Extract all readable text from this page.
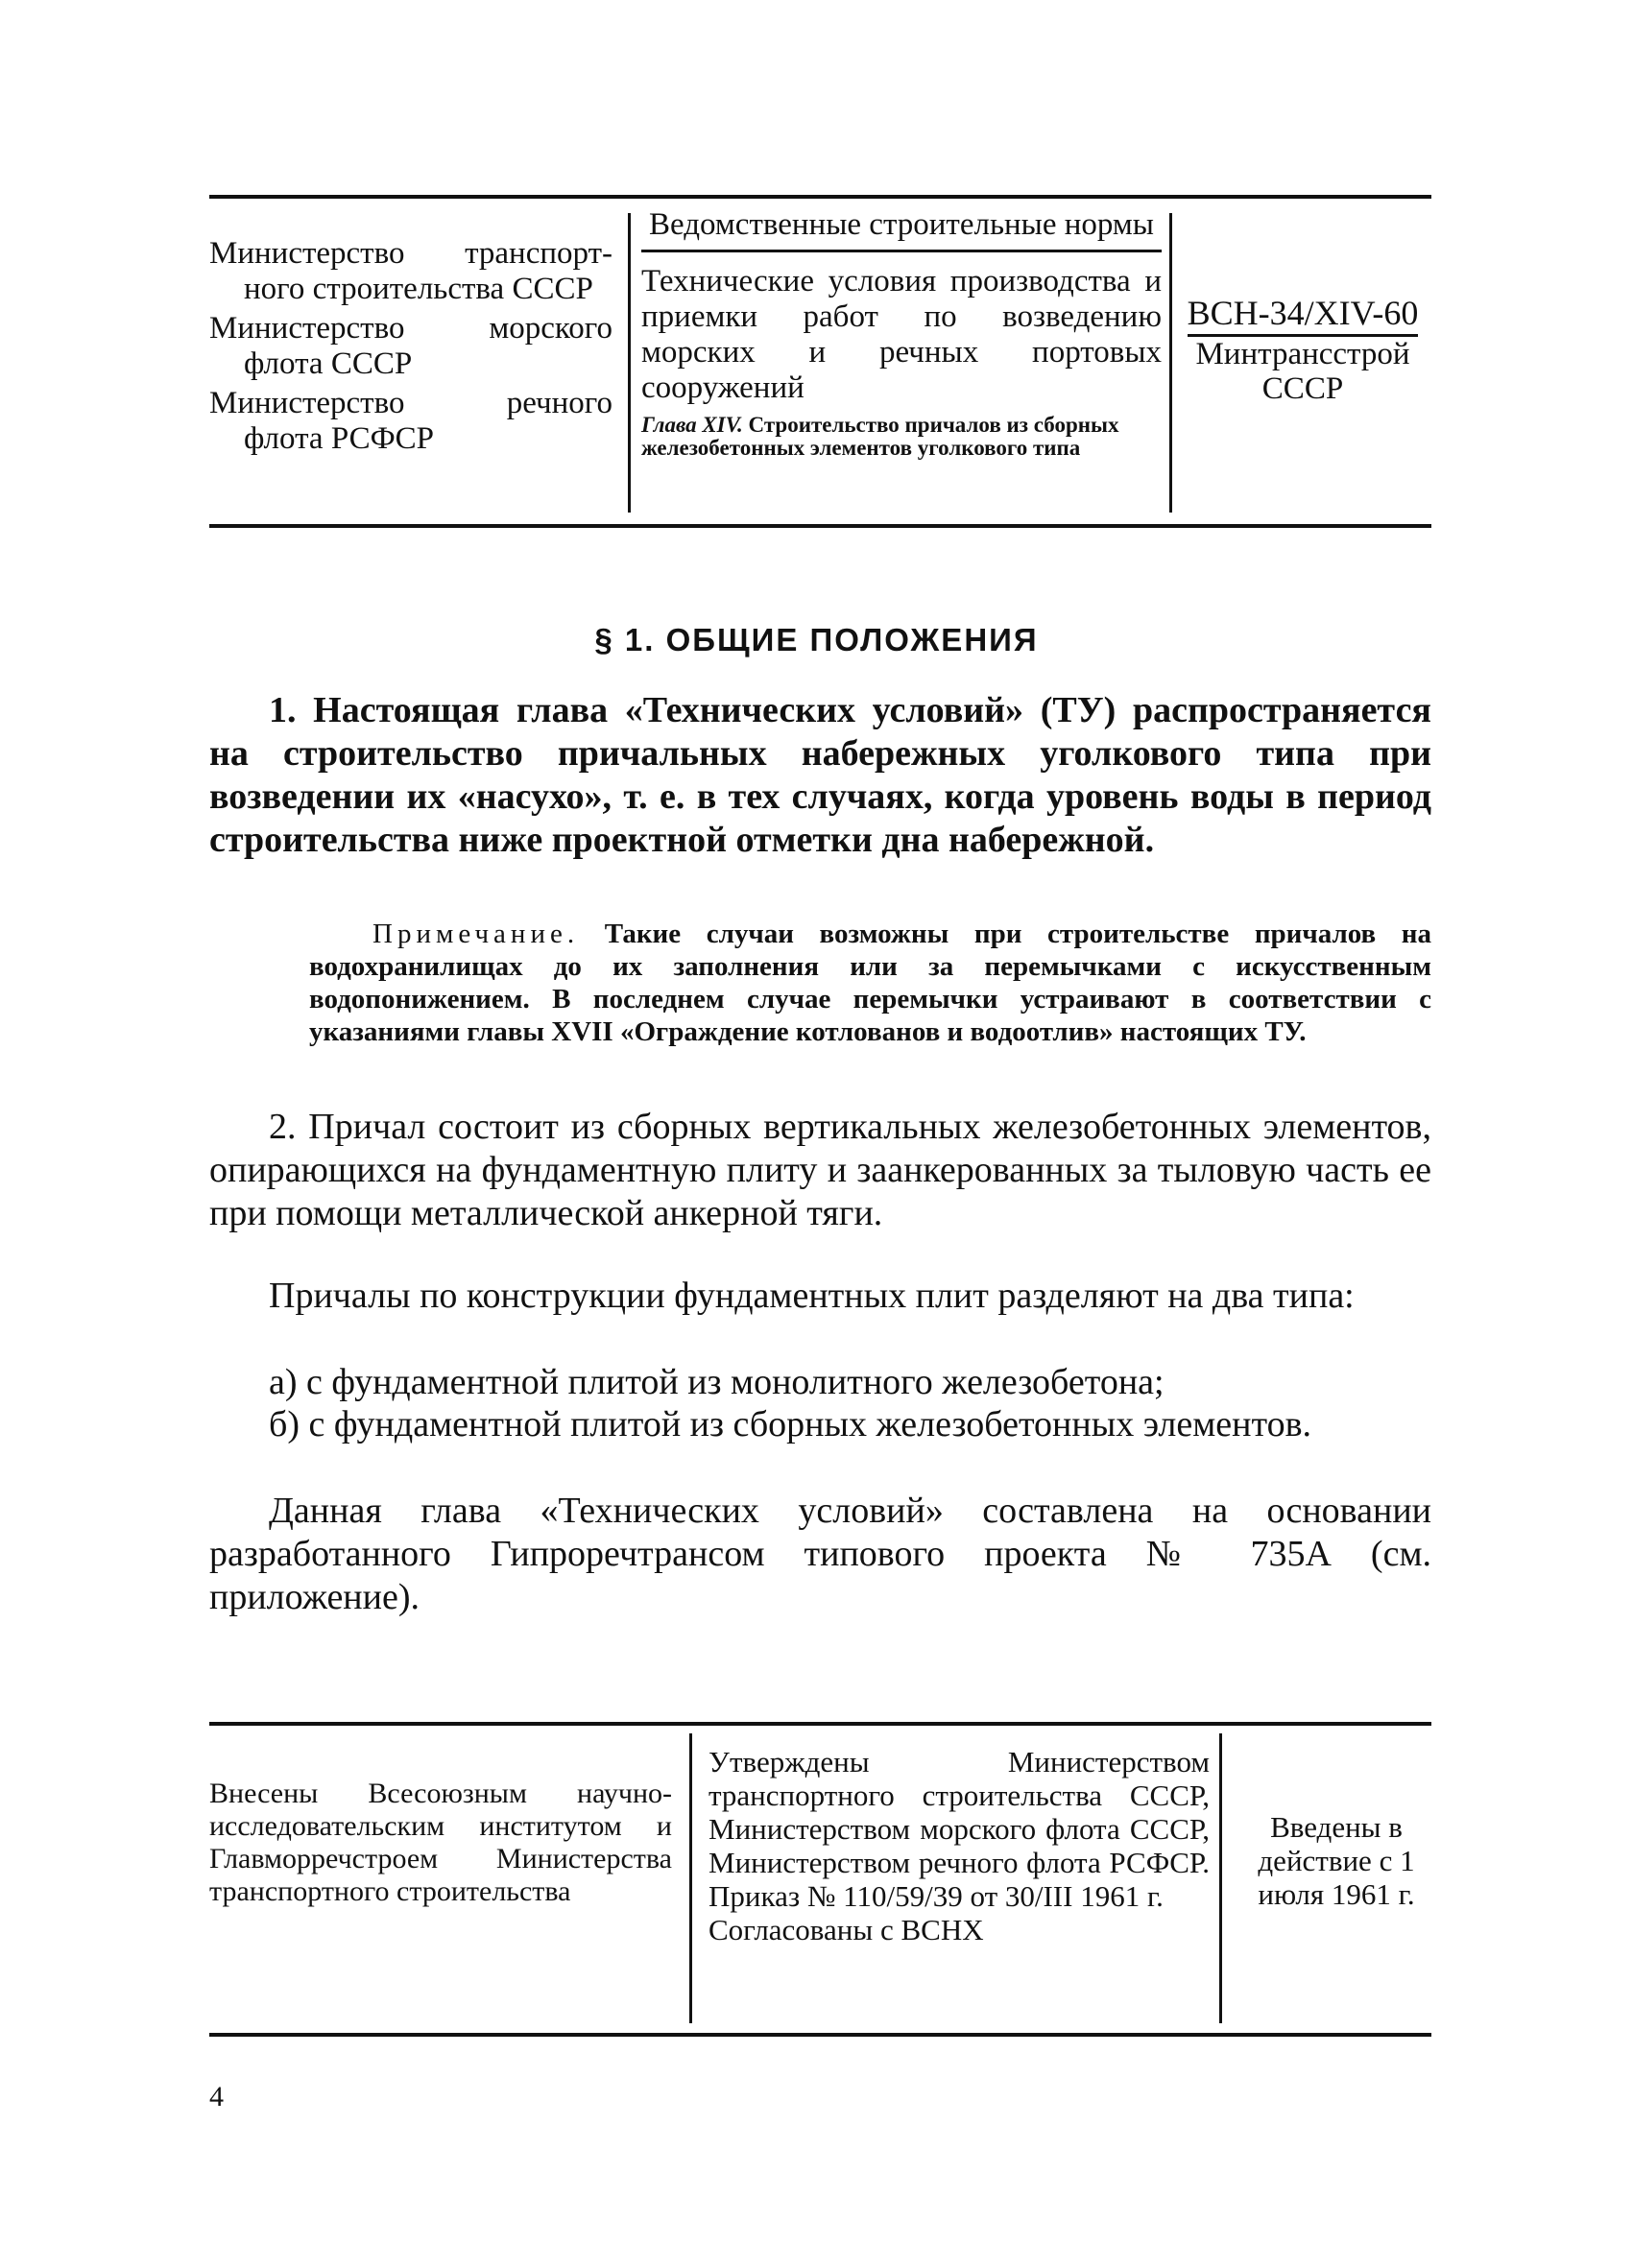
Министерство транспорт-
ного строительства СССР
Министерство морского
флота СССР
Министерство речного
флота РСФСР
Ведомственные строительные нормы
Технические условия производства и приемки работ по возведению морских и речных портовых сооружений
Глава XIV. Строительство причалов из сборных железобетонных элементов уголкового типа
ВСН-34/XIV-60
Минтрансстрой СССР
§ 1. ОБЩИЕ ПОЛОЖЕНИЯ
1. Настоящая глава «Технических условий» (ТУ) распространяется на строительство причальных набережных уголкового типа при возведении их «насухо», т. е. в тех случаях, когда уровень воды в период строительства ниже проектной отметки дна набережной.
Примечание. Такие случаи возможны при строительстве причалов на водохранилищах до их заполнения или за перемычками с искусственным водопонижением. В последнем случае перемычки устраивают в соответствии с указаниями главы XVII «Ограждение котлованов и водоотлив» настоящих ТУ.
2. Причал состоит из сборных вертикальных железобетонных элементов, опирающихся на фундаментную плиту и заанкерованных за тыловую часть ее при помощи металлической анкерной тяги.
Причалы по конструкции фундаментных плит разделяют на два типа:
а) с фундаментной плитой из монолитного железобетона;
б) с фундаментной плитой из сборных железобетонных элементов.
Данная глава «Технических условий» составлена на основании разработанного Гипроречтрансом типового проекта № 735А (см. приложение).
Внесены Всесоюзным научно-исследовательским институтом и Главморречстроем Министерства транспортного строительства
Утверждены Министерством транспортного строительства СССР, Министерством морского флота СССР, Министерством речного флота РСФСР. Приказ № 110/59/39 от 30/III 1961 г.
Согласованы с ВСНХ
Введены в действие с 1 июля 1961 г.
4
